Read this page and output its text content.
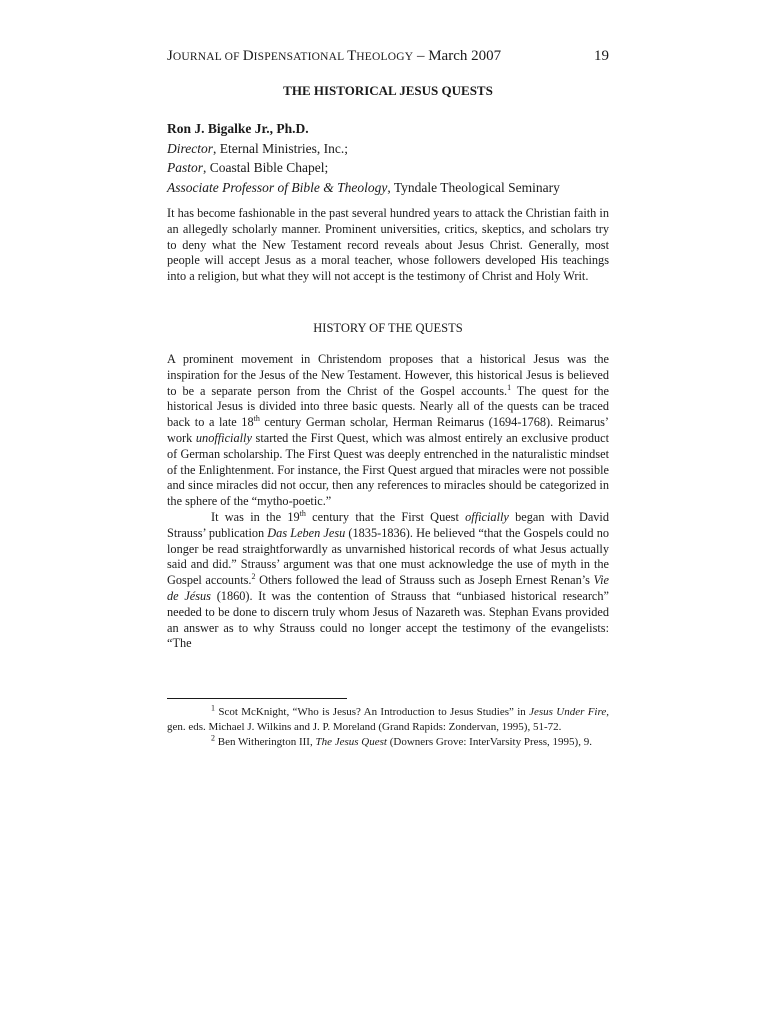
JOURNAL OF DISPENSATIONAL THEOLOGY – March 2007	19
THE HISTORICAL JESUS QUESTS
Ron J. Bigalke Jr., Ph.D.
Director, Eternal Ministries, Inc.;
Pastor, Coastal Bible Chapel;
Associate Professor of Bible & Theology, Tyndale Theological Seminary

It has become fashionable in the past several hundred years to attack the Christian faith in an allegedly scholarly manner. Prominent universities, critics, skeptics, and scholars try to deny what the New Testament record reveals about Jesus Christ. Generally, most people will accept Jesus as a moral teacher, whose followers developed His teachings into a religion, but what they will not accept is the testimony of Christ and Holy Writ.

HISTORY OF THE QUESTS

A prominent movement in Christendom proposes that a historical Jesus was the inspiration for the Jesus of the New Testament. However, this historical Jesus is believed to be a separate person from the Christ of the Gospel accounts.$^1$ The quest for the historical Jesus is divided into three basic quests. Nearly all of the quests can be traced back to a late 18th century German scholar, Herman Reimarus (1694-1768). Reimarus’ work unofficially started the First Quest, which was almost entirely an exclusive product of German scholarship. The First Quest was deeply entrenched in the naturalistic mindset of the Enlightenment. For instance, the First Quest argued that miracles were not possible and since miracles did not occur, then any references to miracles should be categorized in the sphere of the “mytho-poetic.”

It was in the 19th century that the First Quest officially began with David Strauss’ publication Das Leben Jesu (1835-1836). He believed “that the Gospels could no longer be read straightforwardly as unvarnished historical records of what Jesus actually said and did.” Strauss’ argument was that one must acknowledge the use of myth in the Gospel accounts.$^2$ Others followed the lead of Strauss such as Joseph Ernest Renan’s Vie de Jésus (1860). It was the contention of Strauss that “unbiased historical research” needed to be done to discern truly whom Jesus of Nazareth was. Stephan Evans provided an answer as to why Strauss could no longer accept the testimony of the evangelists: “The

$^1$ Scot McKnight, “Who is Jesus? An Introduction to Jesus Studies” in Jesus Under Fire, gen. eds. Michael J. Wilkins and J. P. Moreland (Grand Rapids: Zondervan, 1995), 51-72.

$^2$ Ben Witherington III, The Jesus Quest (Downers Grove: InterVarsity Press, 1995), 9.
